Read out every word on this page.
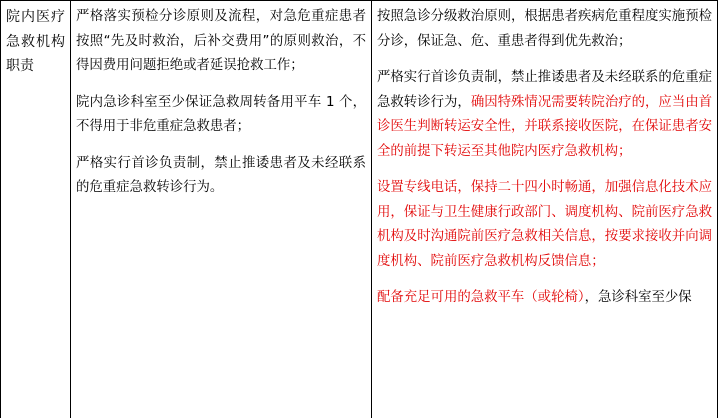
院内医疗急救机构职责

严格落实预检分诊原则及流程，对急危重症患者按照“先及时救治，后补交费用”的原则救治，不得因费用问题拒绝或者延误抢救工作；

院内急诊科室至少保证急救周转备用平车 1 个，不得用于非危重症急救患者；

严格实行首诊负责制，禁止推诿患者及未经联系的危重症急救转诊行为。

按照急诊分级救治原则，根据患者疾病危重程度实施预检分诊，保证急、危、重患者得到优先救治；

严格实行首诊负责制，禁止推诿患者及未经联系的危重症急救转诊行为，确因特殊情况需要转院治疗的，应当由首诊医生判断转运安全性，并联系接收医院，在保证患者安全的前提下转运至其他院内医疗急救机构；

设置专线电话，保持二十四小时畅通，加强信息化技术应用，保证与卫生健康行政部门、调度机构、院前医疗急救机构及时沟通院前医疗急救相关信息，按要求接收并向调度机构、院前医疗急救机构反馈信息；

配备充足可用的急救平车（或轮椅），急诊科室至少保
